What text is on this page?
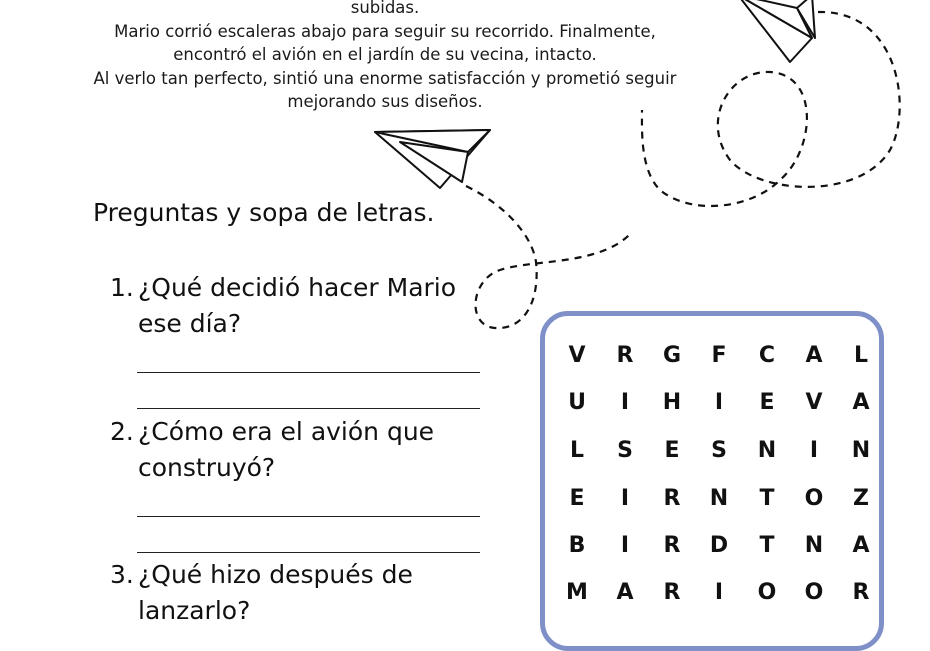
subidas.
Mario corrió escaleras abajo para seguir su recorrido. Finalmente,
encontró el avión en el jardín de su vecina, intacto.
Al verlo tan perfecto, sintió una enorme satisfacción y prometió seguir
mejorando sus diseños.
Preguntas y sopa de letras.
1. ¿Qué decidió hacer Mario ese día?
2. ¿Cómo era el avión que construyó?
3. ¿Qué hizo después de lanzarlo?
V	R	G	F	C	A	L
U	I	H	I	E	V	A
L	S	E	S	N	I	N
E	I	R	N	T	O	Z
B	I	R	D	T	N	A
M	A	R	I	O	O	R
